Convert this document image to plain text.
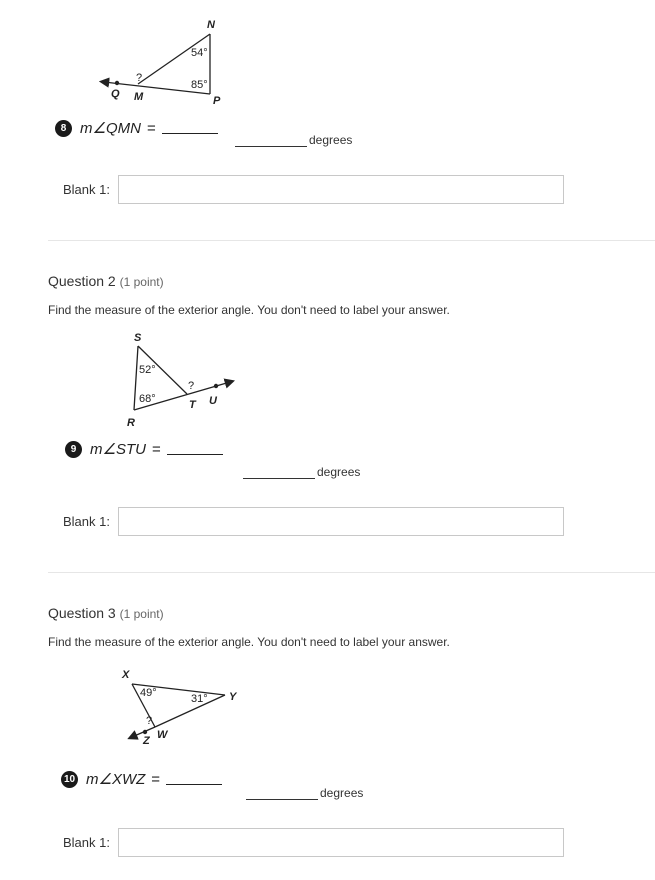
N
P
Q M
54°
85°
?
8 m∠QMN =
degrees
Blank 1:
Question 2 (1 point)
Find the measure of the exterior angle. You don't need to label your answer.
S
R
T U
52°
68°
?
9 m∠STU =
degrees
Blank 1:
Question 3 (1 point)
Find the measure of the exterior angle. You don't need to label your answer.
X
Y
Z W
49°	31°
?
10 m∠XWZ =
degrees
Blank 1:
